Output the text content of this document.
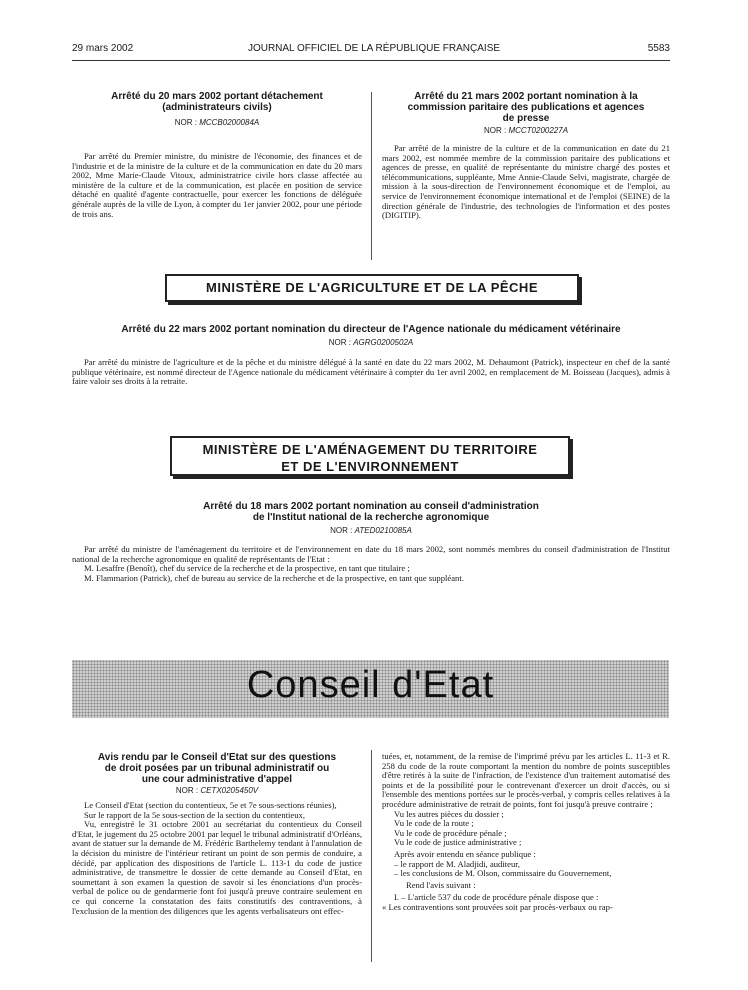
29 mars 2002	JOURNAL OFFICIEL DE LA RÉPUBLIQUE FRANÇAISE	5583
Arrêté du 20 mars 2002 portant détachement
(administrateurs civils)
NOR : MCCB0200084A

Par arrêté du Premier ministre, du ministre de l'économie, des finances et de l'industrie et de la ministre de la culture et de la communication en date du 20 mars 2002, Mme Marie-Claude Vitoux, administratrice civile hors classe affectée au ministère de la culture et de la communication, est placée en position de service détaché en qualité d'agente contractuelle, pour exercer les fonctions de déléguée générale auprès de la ville de Lyon, à compter du 1er janvier 2002, pour une période de trois ans.

Arrêté du 21 mars 2002 portant nomination à la
commission paritaire des publications et agences
de presse
NOR : MCCT0200227A

Par arrêté de la ministre de la culture et de la communication en date du 21 mars 2002, est nommée membre de la commission paritaire des publications et agences de presse, en qualité de représentante du ministre chargé des postes et télécommunications, suppléante, Mme Annie-Claude Selvi, magistrate, chargée de mission à la sous-direction de l'environnement économique et de l'emploi, au service de l'environnement économique international et de l'emploi (SEINE) de la direction générale de l'industrie, des technologies de l'information et des postes (DIGITIP).

MINISTÈRE DE L'AGRICULTURE ET DE LA PÊCHE
Arrêté du 22 mars 2002 portant nomination du directeur de l'Agence nationale du médicament vétérinaire
NOR : AGRG0200502A

Par arrêté du ministre de l'agriculture et de la pêche et du ministre délégué à la santé en date du 22 mars 2002, M. Dehaumont (Patrick), inspecteur en chef de la santé publique vétérinaire, est nommé directeur de l'Agence nationale du médicament vétérinaire à compter du 1er avril 2002, en remplacement de M. Boisseau (Jacques), admis à faire valoir ses droits à la retraite.

MINISTÈRE DE L'AMÉNAGEMENT DU TERRITOIRE
ET DE L'ENVIRONNEMENT
Arrêté du 18 mars 2002 portant nomination au conseil d'administration
de l'Institut national de la recherche agronomique
NOR : ATED0210085A

Par arrêté du ministre de l'aménagement du territoire et de l'environnement en date du 18 mars 2002, sont nommés membres du conseil d'administration de l'Institut national de la recherche agronomique en qualité de représentants de l'Etat :

M. Lesaffre (Benoît), chef du service de la recherche et de la prospective, en tant que titulaire ;

M. Flammarion (Patrick), chef de bureau au service de la recherche et de la prospective, en tant que suppléant.

Conseil d'Etat
Avis rendu par le Conseil d'Etat sur des questions
de droit posées par un tribunal administratif ou
une cour administrative d'appel
NOR : CETX0205450V

Le Conseil d'Etat (section du contentieux, 5e et 7e sous-sections réunies),

Sur le rapport de la 5e sous-section de la section du contentieux,

Vu, enregistré le 31 octobre 2001 au secrétariat du contentieux du Conseil d'Etat, le jugement du 25 octobre 2001 par lequel le tribunal administratif d'Orléans, avant de statuer sur la demande de M. Frédéric Barthelemy tendant à l'annulation de la décision du ministre de l'intérieur retirant un point de son permis de conduire, a décidé, par application des dispositions de l'article L. 113-1 du code de justice administrative, de transmettre le dossier de cette demande au Conseil d'Etat, en soumettant à son examen la question de savoir si les énonciations d'un procès-verbal de police ou de gendarmerie font foi jusqu'à preuve contraire seulement en ce qui concerne la constatation des faits constitutifs des contraventions, à l'exclusion de la mention des diligences que les agents verbalisateurs ont effec-

tuées, et, notamment, de la remise de l'imprimé prévu par les articles L. 11-3 et R. 258 du code de la route comportant la mention du nombre de points susceptibles d'être retirés à la suite de l'infraction, de l'existence d'un traitement automatisé des points et de la possibilité pour le contrevenant d'exercer un droit d'accès, ou si l'ensemble des mentions portées sur le procès-verbal, y compris celles relatives à la procédure administrative de retrait de points, font foi jusqu'à preuve contraire ;

Vu les autres pièces du dossier ;

Vu le code de la route ;

Vu le code de procédure pénale ;

Vu le code de justice administrative ;

Après avoir entendu en séance publique :

– le rapport de M. Aladjidi, auditeur,

– les conclusions de M. Olson, commissaire du Gouvernement,

Rend l'avis suivant :

I. – L'article 537 du code de procédure pénale dispose que :

« Les contraventions sont prouvées soit par procès-verbaux ou rap-
